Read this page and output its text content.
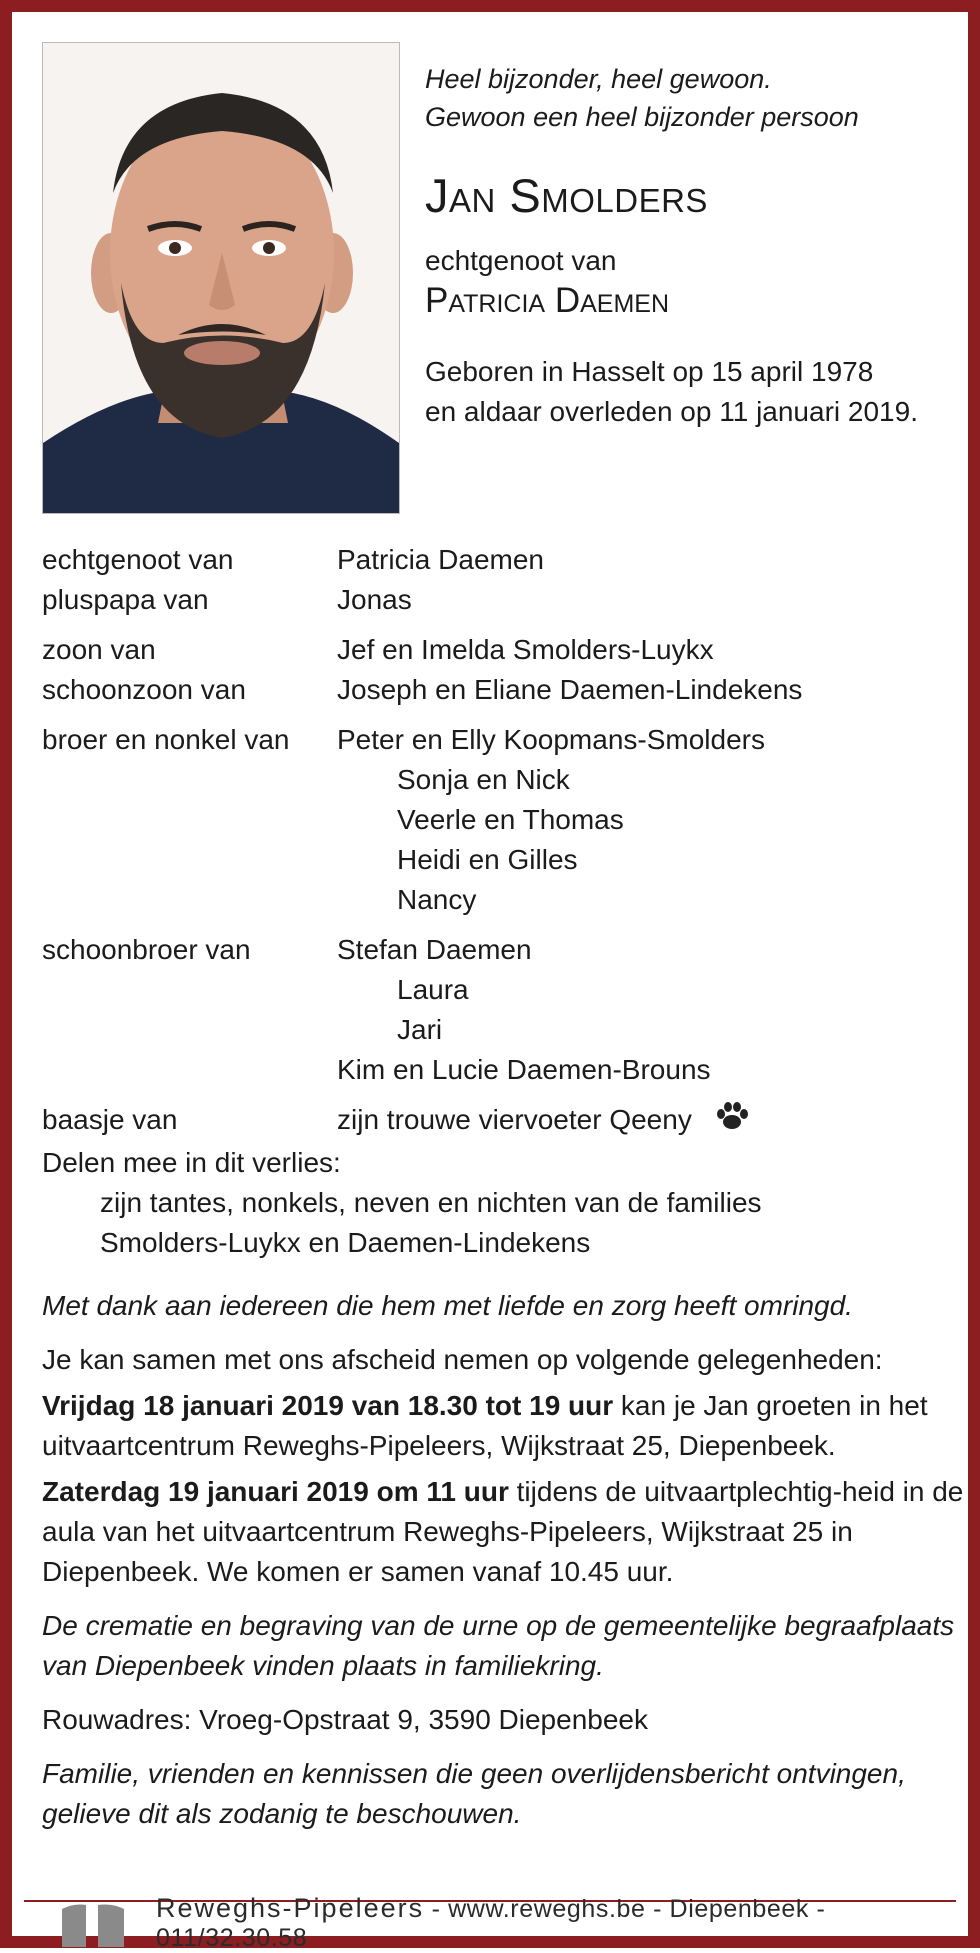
Heel bijzonder, heel gewoon.
Gewoon een heel bijzonder persoon
Jan Smolders
echtgenoot van
Patricia Daemen
Geboren in Hasselt op 15 april 1978
en aldaar overleden op 11 januari 2019.
echtgenoot van	Patricia Daemen
pluspapa van	Jonas
zoon van	Jef en Imelda Smolders-Luykx
schoonzoon van	Joseph en Eliane Daemen-Lindekens
broer en nonkel van	Peter en Elly Koopmans-Smolders
Sonja en Nick
Veerle en Thomas
Heidi en Gilles
Nancy
schoonbroer van	Stefan Daemen
Laura
Jari
Kim en Lucie Daemen-Brouns
baasje van	zijn trouwe viervoeter Qeeny
Delen mee in dit verlies:
zijn tantes, nonkels, neven en nichten van de families
Smolders-Luykx en Daemen-Lindekens
Met dank aan iedereen die hem met liefde en zorg heeft omringd.
Je kan samen met ons afscheid nemen op volgende gelegenheden:
Vrijdag 18 januari 2019 van 18.30 tot 19 uur kan je Jan groeten in het uitvaartcentrum Reweghs-Pipeleers, Wijkstraat 25, Diepenbeek.
Zaterdag 19 januari 2019 om 11 uur tijdens de uitvaartplechtig-heid in de aula van het uitvaartcentrum Reweghs-Pipeleers, Wijkstraat 25 in Diepenbeek. We komen er samen vanaf 10.45 uur.
De crematie en begraving van de urne op de gemeentelijke begraafplaats van Diepenbeek vinden plaats in familiekring.
Rouwadres: Vroeg-Opstraat 9, 3590 Diepenbeek
Familie, vrienden en kennissen die geen overlijdensbericht ontvingen, gelieve dit als zodanig te beschouwen.
Reweghs-Pipeleers - www.reweghs.be - Diepenbeek - 011/32.30.58
